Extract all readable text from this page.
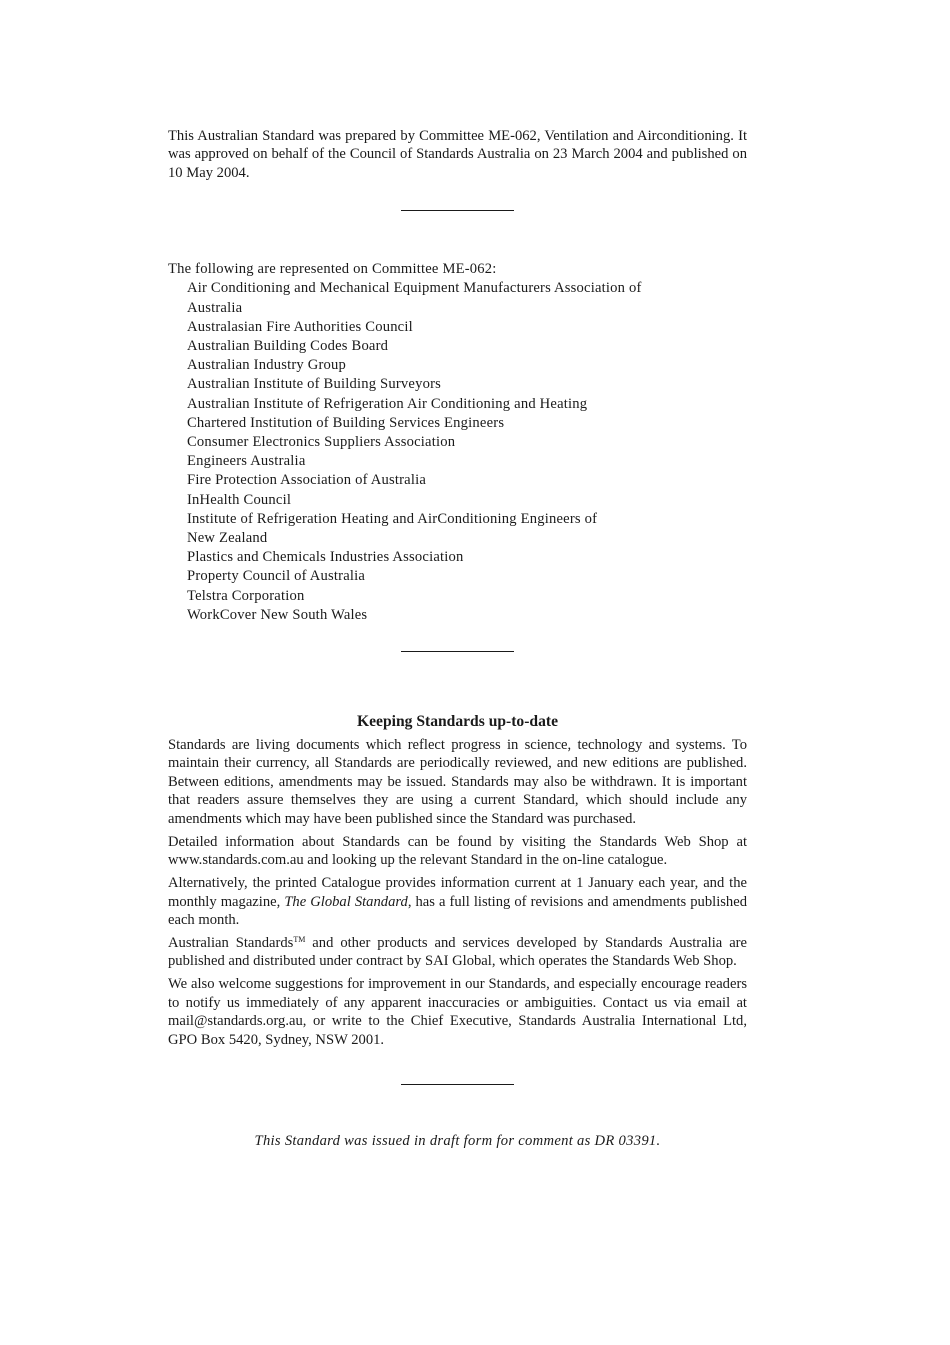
This Australian Standard was prepared by Committee ME-062, Ventilation and Airconditioning. It was approved on behalf of the Council of Standards Australia on 23 March 2004 and published on 10 May 2004.

The following are represented on Committee ME-062:

Air Conditioning and Mechanical Equipment Manufacturers Association of
Australia
Australasian Fire Authorities Council
Australian Building Codes Board
Australian Industry Group
Australian Institute of Building Surveyors
Australian Institute of Refrigeration Air Conditioning and Heating
Chartered Institution of Building Services Engineers
Consumer Electronics Suppliers Association
Engineers Australia
Fire Protection Association of Australia
InHealth Council
Institute of Refrigeration Heating and AirConditioning Engineers of
New Zealand
Plastics and Chemicals Industries Association
Property Council of Australia
Telstra Corporation
WorkCover New South Wales
Keeping Standards up-to-date

Standards are living documents which reflect progress in science, technology and systems. To maintain their currency, all Standards are periodically reviewed, and new editions are published. Between editions, amendments may be issued. Standards may also be withdrawn. It is important that readers assure themselves they are using a current Standard, which should include any amendments which may have been published since the Standard was purchased.

Detailed information about Standards can be found by visiting the Standards Web Shop at www.standards.com.au and looking up the relevant Standard in the on-line catalogue.

Alternatively, the printed Catalogue provides information current at 1 January each year, and the monthly magazine, The Global Standard, has a full listing of revisions and amendments published each month.

Australian Standards™ and other products and services developed by Standards Australia are published and distributed under contract by SAI Global, which operates the Standards Web Shop.

We also welcome suggestions for improvement in our Standards, and especially encourage readers to notify us immediately of any apparent inaccuracies or ambiguities. Contact us via email at mail@standards.org.au, or write to the Chief Executive, Standards Australia International Ltd, GPO Box 5420, Sydney, NSW 2001.

This Standard was issued in draft form for comment as DR 03391.
